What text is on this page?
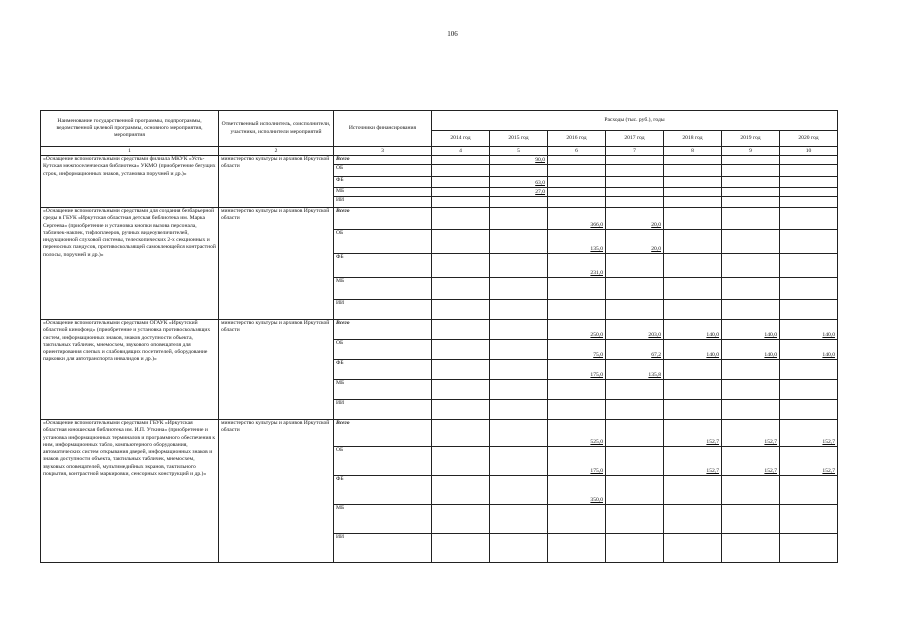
106
Наименование государственной программы, подпрограммы, ведомственной целевой программы, основного мероприятия, мероприятия	Ответственный исполнитель, соисполнители, участники, исполнители мероприятий	Источники финансирования	Расходы (тыс. руб.), годы						
			2014 год	2015 год	2016 год	2017 год	2018 год	2019 год	2020 год
1	2	3	4	5	6	7	8	9	10
«Оснащение вспомогательными средствами филиала МКУК «Усть-Кутская межпоселенческая библиотека» УКМО (приобретение бегущих строк, информационных знаков, установка поручней и др.)»	министерство культуры и архивов Иркутской области	Всего		90,0					

		ОБ	

		ФБ		63,0					

		МБ		27,0					

		ИИ	

«Оснащение вспомогательными средствами для создания безбарьерной среды в ГБУК «Иркутская областная детская библиотека им. Марка Сергеева» (приобретение и установка кнопки вызова персонала, табличек-накпек, тифлоплееров, ручных видеоувеличителей, индукционной слуховой системы, телескопических 2-х секционных и переносных пандусов, противоскользящей самоклеющейся контрастной полосы, поручней и др.)»	министерство культуры и архивов Иркутской области	Всего			366,0	20,0			

		ОБ			135,0	20,0			

		ФБ			231,0				

		МБ	

		ИИ	

«Оснащение вспомогательными средствами ОГАУК «Иркутский областной кинофонд» (приобретение и установка противоскользящих систем, информационных знаков, знаков доступности объекта, тактильных табличек, мнемосхем, звукового оповещателя для ориентирования слепых и слабовидящих посетителей, оборудование парковки для автотранспорта инвалидов и др.)»	министерство культуры и архивов Иркутской области	Всего			250,0	203,0	140,0	140,0	140,0

		ОБ			75,0	67,2	140,0	140,0	140,0

		ФБ			175,0	135,8			

		МБ	

		ИИ	

«Оснащение вспомогательными средствами ГБУК «Иркутская областная юношеская библиотека им. И.П. Уткина» (приобретение и установка информационных терминалов и программного обеспечения к ним, информационных табло, компьютерного оборудования, автоматических систем открывания дверей, информационных знаков и знаков доступности объекта, тактильных табличек, мнемосхем, звуковых оповещателей, мультимедийных экранов, тактильного покрытия, контрастной маркировки, сенсорных конструкций и др.)»	министерство культуры и архивов Иркутской области	Всего			525,0		152,7	152,7	152,7

		ОБ			175,0		152,7	152,7	152,7

		ФБ			350,0				

		МБ	

		ИИ	
